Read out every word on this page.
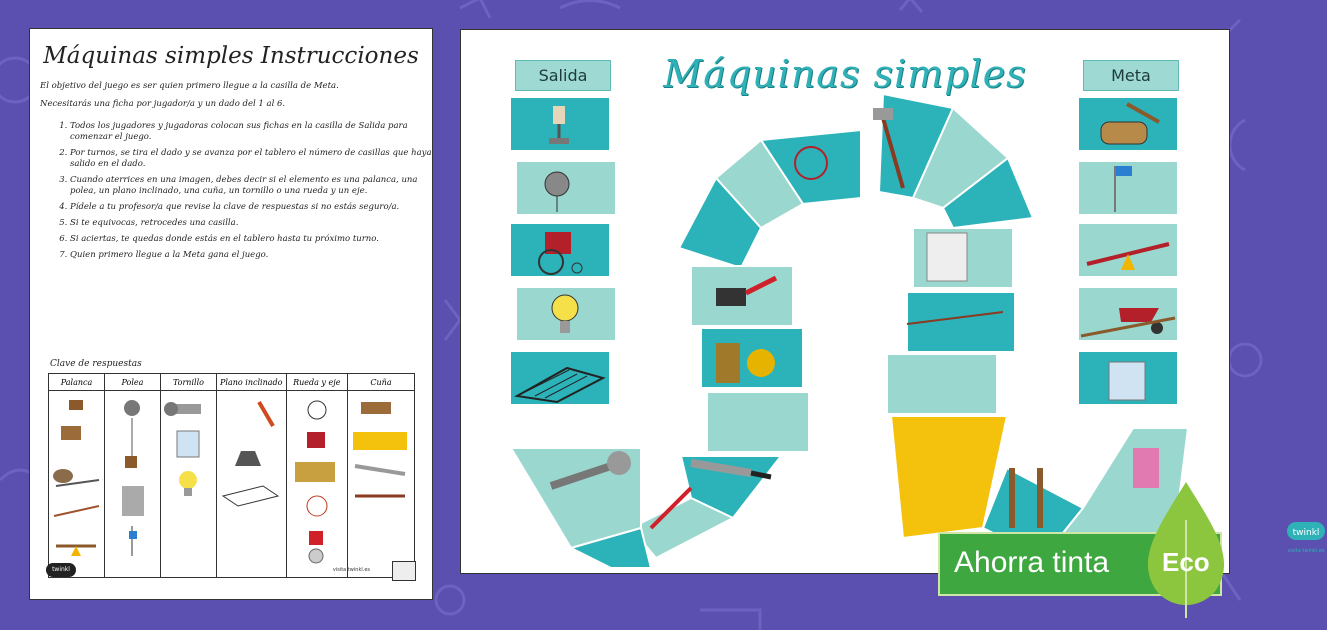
Máquinas simples Instrucciones
El objetivo del juego es ser quien primero llegue a la casilla de Meta.
Necesitarás una ficha por jugador/a y un dado del 1 al 6.
1. Todos los jugadores y jugadoras colocan sus fichas en la casilla de Salida para comenzar el juego.
2. Por turnos, se tira el dado y se avanza por el tablero el número de casillas que haya salido en el dado.
3. Cuando aterrices en una imagen, debes decir si el elemento es una palanca, una polea, un plano inclinado, una cuña, un tornillo o una rueda y un eje.
4. Pídele a tu profesor/a que revise la clave de respuestas si no estás seguro/a.
5. Si te equivocas, retrocedes una casilla.
6. Si aciertas, te quedas donde estás en el tablero hasta tu próximo turno.
7. Quien primero llegue a la Meta gana el juego.
Clave de respuestas
Palanca	Polea	Tornillo	Plano inclinado	Rueda y eje	Cuña

twinkl	visita twinkl.es
Máquinas simples
Salida	Meta
twinkl
visita twinkl.es
Ahorra tinta Eco
